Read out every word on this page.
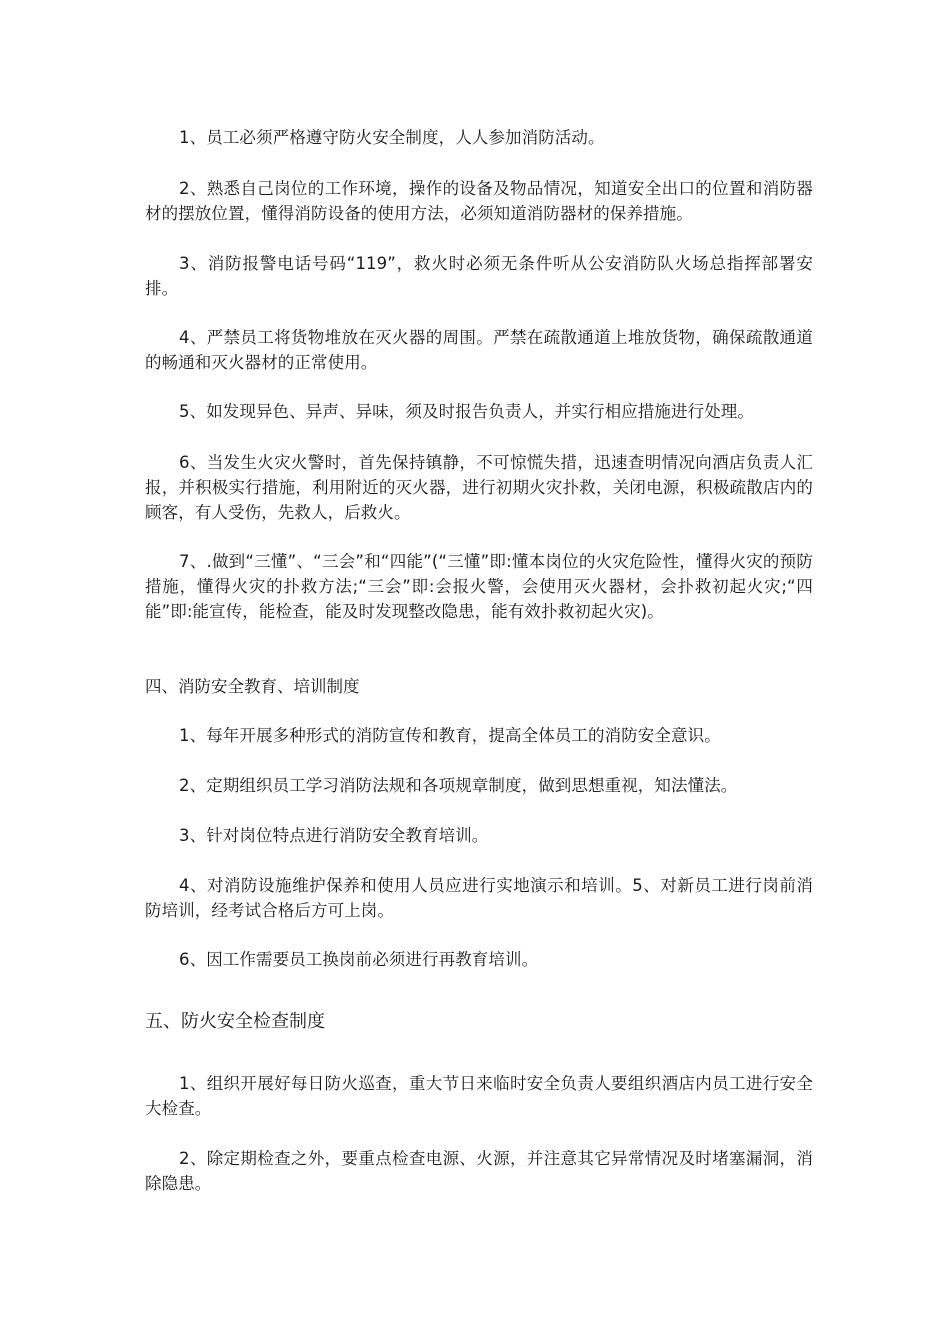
1、员工必须严格遵守防火安全制度，人人参加消防活动。

2、熟悉自己岗位的工作环境，操作的设备及物品情况，知道安全出口的位置和消防器材的摆放位置，懂得消防设备的使用方法，必须知道消防器材的保养措施。

3、消防报警电话号码“119”，救火时必须无条件听从公安消防队火场总指挥部署安排。

4、严禁员工将货物堆放在灭火器的周围。严禁在疏散通道上堆放货物，确保疏散通道的畅通和灭火器材的正常使用。

5、如发现异色、异声、异味，须及时报告负责人，并实行相应措施进行处理。

6、当发生火灾火警时，首先保持镇静，不可惊慌失措，迅速查明情况向酒店负责人汇报，并积极实行措施，利用附近的灭火器，进行初期火灾扑救，关闭电源，积极疏散店内的顾客，有人受伤，先救人，后救火。

7、.做到“三懂”、“三会”和“四能”(“三懂”即:懂本岗位的火灾危险性，懂得火灾的预防措施，懂得火灾的扑救方法;“三会”即:会报火警，会使用灭火器材，会扑救初起火灾;“四能”即:能宣传，能检查，能及时发现整改隐患，能有效扑救初起火灾)。

四、消防安全教育、培训制度

1、每年开展多种形式的消防宣传和教育，提高全体员工的消防安全意识。

2、定期组织员工学习消防法规和各项规章制度，做到思想重视，知法懂法。

3、针对岗位特点进行消防安全教育培训。

4、对消防设施维护保养和使用人员应进行实地演示和培训。5、对新员工进行岗前消防培训，经考试合格后方可上岗。

6、因工作需要员工换岗前必须进行再教育培训。

五、防火安全检查制度

1、组织开展好每日防火巡查，重大节日来临时安全负责人要组织酒店内员工进行安全大检查。

2、除定期检查之外，要重点检查电源、火源，并注意其它异常情况及时堵塞漏洞，消除隐患。
